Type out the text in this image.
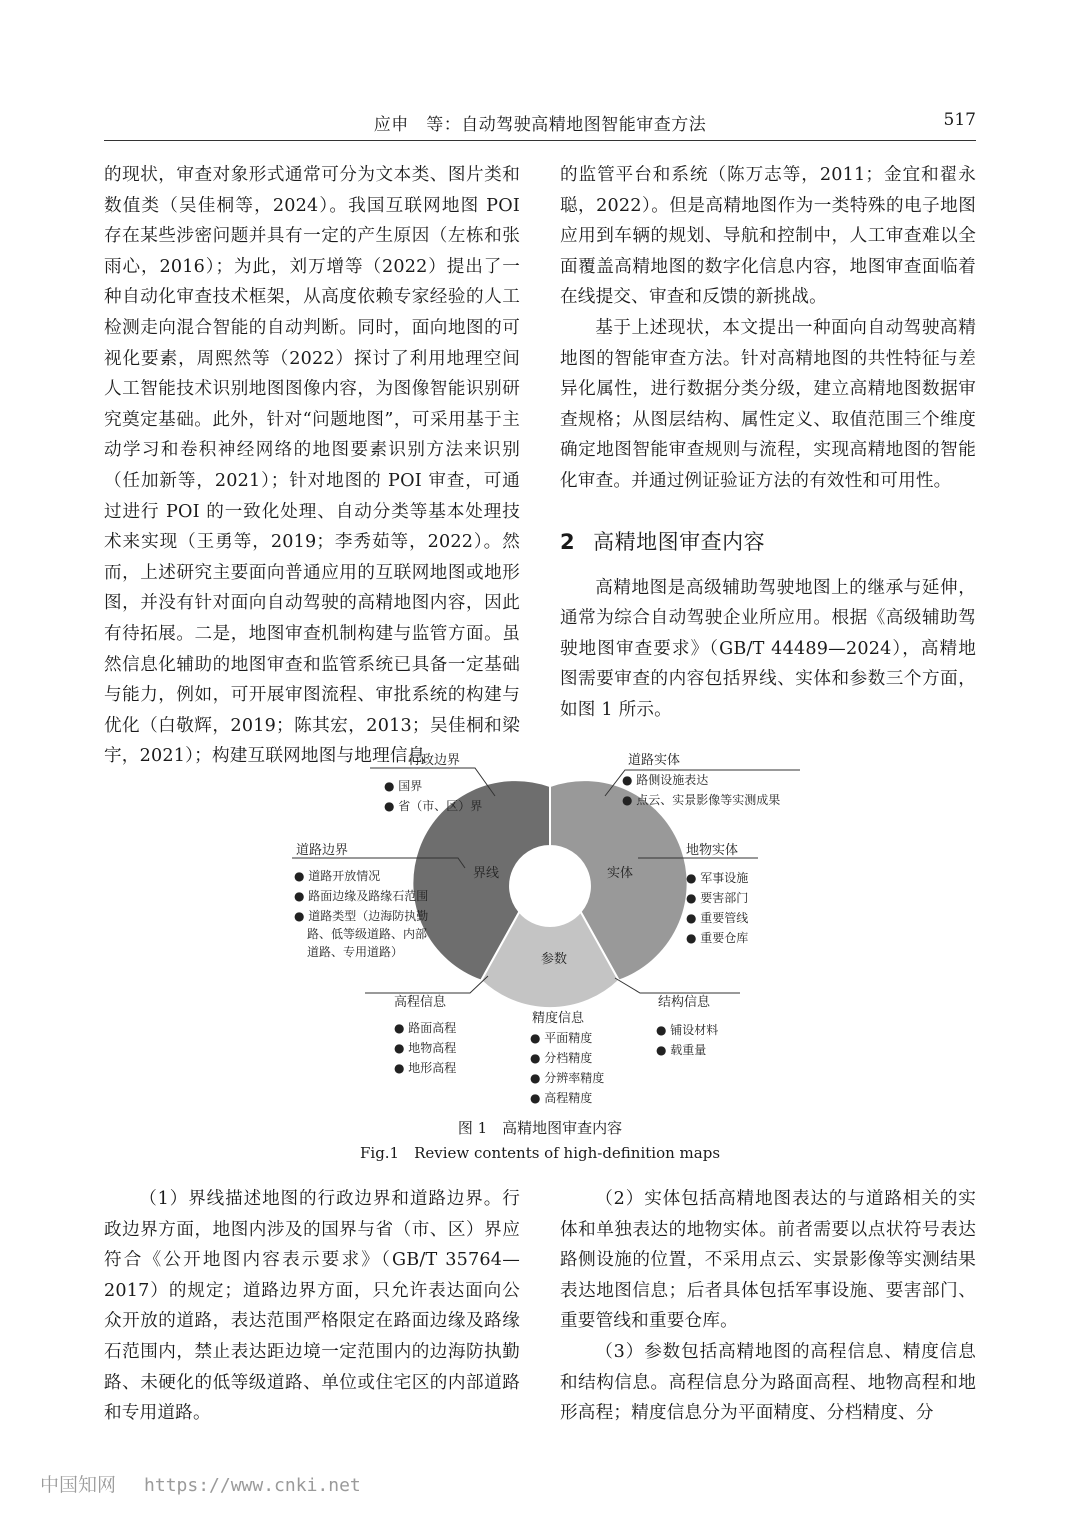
应申　等：自动驾驶高精地图智能审查方法	517

的现状，审查对象形式通常可分为文本类、图片类和数值类（吴佳桐等，2024）。我国互联网地图 POI 存在某些涉密问题并具有一定的产生原因（左栋和张雨心，2016）；为此，刘万增等（2022）提出了一种自动化审查技术框架，从高度依赖专家经验的人工检测走向混合智能的自动判断。同时，面向地图的可视化要素，周熙然等（2022）探讨了利用地理空间人工智能技术识别地图图像内容，为图像智能识别研究奠定基础。此外，针对“问题地图”，可采用基于主动学习和卷积神经网络的地图要素识别方法来识别（任加新等，2021）；针对地图的 POI 审查，可通过进行 POI 的一致化处理、自动分类等基本处理技术来实现（王勇等，2019；李秀茹等，2022）。然而，上述研究主要面向普通应用的互联网地图或地形图，并没有针对面向自动驾驶的高精地图内容，因此有待拓展。二是，地图审查机制构建与监管方面。虽然信息化辅助的地图审查和监管系统已具备一定基础与能力，例如，可开展审图流程、审批系统的构建与优化（白敬辉，2019；陈其宏，2013；吴佳桐和梁宇，2021）；构建互联网地图与地理信息

的监管平台和系统（陈万志等，2011；金宜和翟永聪，2022）。但是高精地图作为一类特殊的电子地图应用到车辆的规划、导航和控制中，人工审查难以全面覆盖高精地图的数字化信息内容，地图审查面临着在线提交、审查和反馈的新挑战。

基于上述现状，本文提出一种面向自动驾驶高精地图的智能审查方法。针对高精地图的共性特征与差异化属性，进行数据分类分级，建立高精地图数据审查规格；从图层结构、属性定义、取值范围三个维度确定地图智能审查规则与流程，实现高精地图的智能化审查。并通过例证验证方法的有效性和可用性。

2 高精地图审查内容

高精地图是高级辅助驾驶地图上的继承与延伸，通常为综合自动驾驶企业所应用。根据《高级辅助驾驶地图审查要求》（GB/T 44489—2024），高精地图需要审查的内容包括界线、实体和参数三个方面，如图 1 所示。

界线	实体
参数
行政边界
● 国界
● 省（市、区）界
道路实体
● 路侧设施表达
● 点云、实景影像等实测成果
道路边界
● 道路开放情况
● 路面边缘及路缘石范围
● 道路类型（边海防执勤
路、低等级道路、内部
道路、专用道路）
地物实体
● 军事设施
● 要害部门
● 重要管线
● 重要仓库
高程信息
● 路面高程
● 地物高程
● 地形高程
精度信息
● 平面精度
● 分档精度
● 分辨率精度
● 高程精度
结构信息
● 铺设材料
● 载重量
图 1　高精地图审查内容
Fig.1　Review contents of high-definition maps

（1）界线描述地图的行政边界和道路边界。行政边界方面，地图内涉及的国界与省（市、区）界应符合《公开地图内容表示要求》（GB/T 35764—2017）的规定；道路边界方面，只允许表达面向公众开放的道路，表达范围严格限定在路面边缘及路缘石范围内，禁止表达距边境一定范围内的边海防执勤路、未硬化的低等级道路、单位或住宅区的内部道路和专用道路。

（2）实体包括高精地图表达的与道路相关的实体和单独表达的地物实体。前者需要以点状符号表达路侧设施的位置，不采用点云、实景影像等实测结果表达地图信息；后者具体包括军事设施、要害部门、重要管线和重要仓库。

（3）参数包括高精地图的高程信息、精度信息和结构信息。高程信息分为路面高程、地物高程和地形高程；精度信息分为平面精度、分档精度、分

中国知网 https://www.cnki.net
